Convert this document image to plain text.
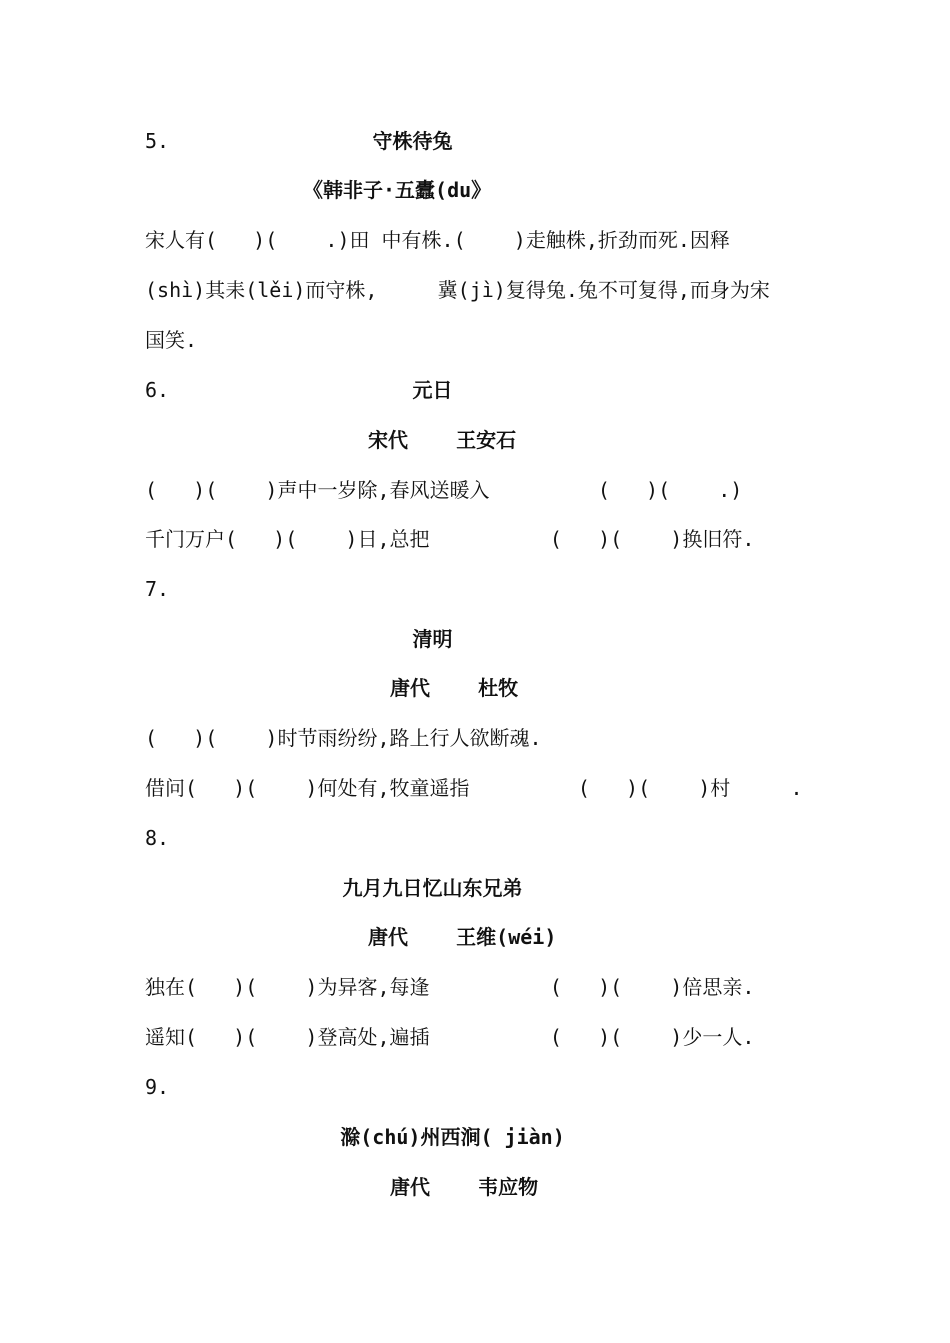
5.	守株待兔
《韩非子·五蠹(du》
宋人有(   )(    .)田 中有株.(    )走触株,折劲而死.因释
(shì)其耒(lěi)而守株,     冀(jì)复得兔.兔不可复得,而身为宋
国笑.
6.	元日
宋代    王安石
(   )(    )声中一岁除,春风送暖入         (   )(    .)
千门万户(   )(    )日,总把          (   )(    )换旧符.
7.
清明
唐代    杜牧
(   )(    )时节雨纷纷,路上行人欲断魂.
借问(   )(    )何处有,牧童遥指         (   )(    )村     .
8.
九月九日忆山东兄弟
唐代    王维(wéi)
独在(   )(    )为异客,每逢          (   )(    )倍思亲.
遥知(   )(    )登高处,遍插          (   )(    )少一人.
9.
滁(chú)州西涧( jiàn)
唐代    韦应物
